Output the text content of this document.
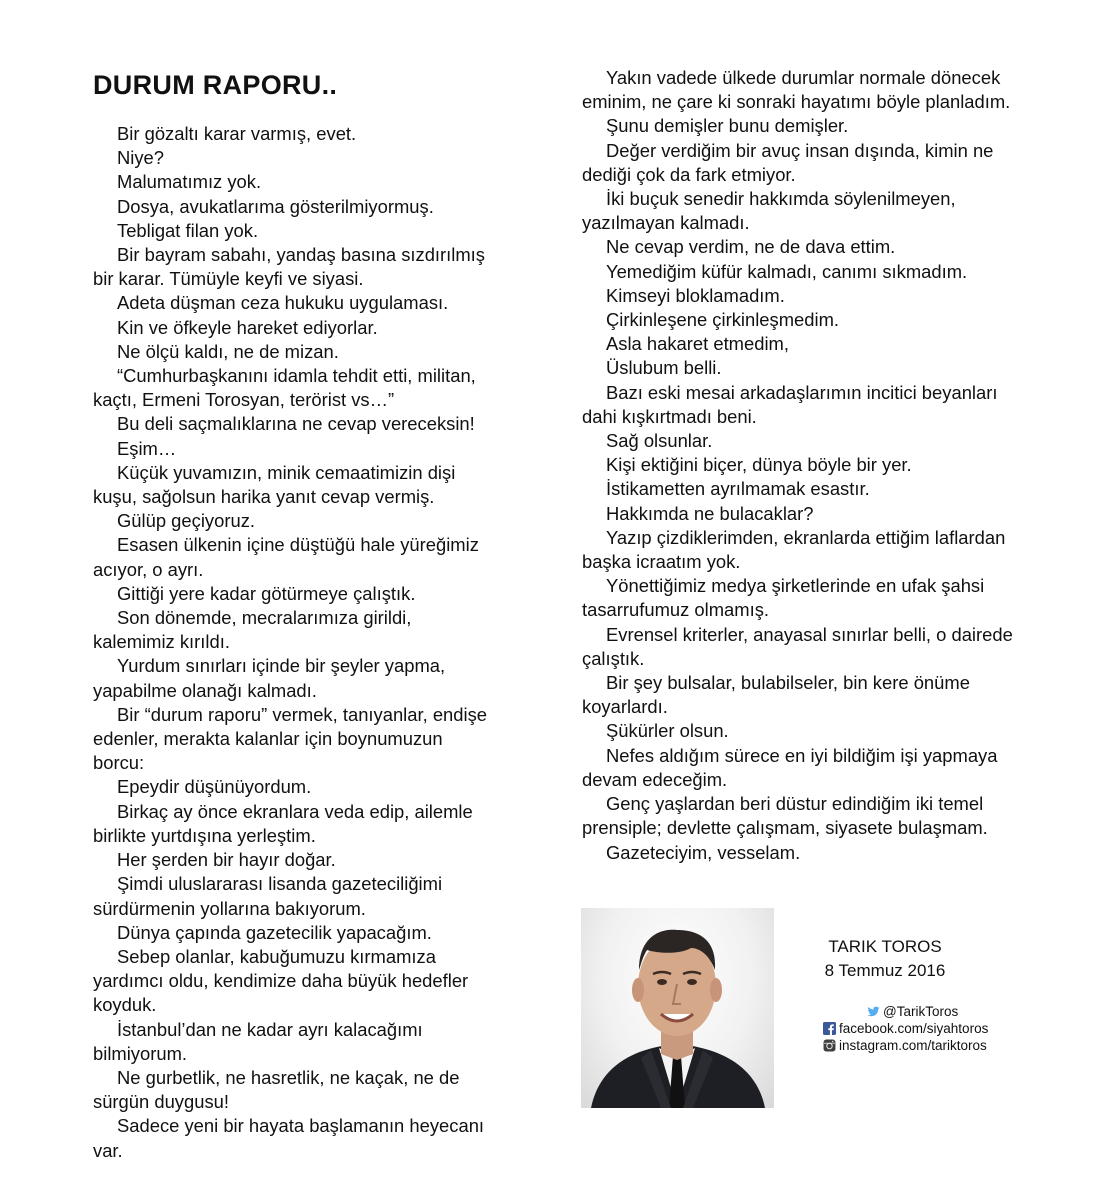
DURUM RAPORU..

Bir gözaltı karar varmış, evet.

Niye?

Malumatımız yok.

Dosya, avukatlarıma gösterilmiyormuş.

Tebligat filan yok.

Bir bayram sabahı, yandaş basına sızdırılmış bir karar. Tümüyle keyfi ve siyasi.

Adeta düşman ceza hukuku uygulaması.

Kin ve öfkeyle hareket ediyorlar.

Ne ölçü kaldı, ne de mizan.

“Cumhurbaşkanını idamla tehdit etti, militan, kaçtı, Ermeni Torosyan, terörist vs…”

Bu deli saçmalıklarına ne cevap vereceksin!

Eşim…

Küçük yuvamızın, minik cemaatimizin dişi kuşu, sağolsun harika yanıt cevap vermiş.

Gülüp geçiyoruz.

Esasen ülkenin içine düştüğü hale yüreğimiz acıyor, o ayrı.

Gittiği yere kadar götürmeye çalıştık.

Son dönemde, mecralarımıza girildi, kalemimiz kırıldı.

Yurdum sınırları içinde bir şeyler yapma, yapabilme olanağı kalmadı.

Bir “durum raporu” vermek, tanıyanlar, endişe edenler, merakta kalanlar için boynumuzun borcu:

Epeydir düşünüyordum.

Birkaç ay önce ekranlara veda edip, ailemle birlikte yurtdışına yerleştim.

Her şerden bir hayır doğar.

Şimdi uluslararası lisanda gazeteciliğimi sürdürmenin yollarına bakıyorum.

Dünya çapında gazetecilik yapacağım.

Sebep olanlar, kabuğumuzu kırmamıza yardımcı oldu, kendimize daha büyük hedefler koyduk.

İstanbul’dan ne kadar ayrı kalacağımı bilmiyorum.

Ne gurbetlik, ne hasretlik, ne kaçak, ne de sürgün duygusu!

Sadece yeni bir hayata başlamanın heyecanı var.

Yakın vadede ülkede durumlar normale dönecek eminim, ne çare ki sonraki hayatımı böyle planladım.

Şunu demişler bunu demişler.

Değer verdiğim bir avuç insan dışında, kimin ne dediği çok da fark etmiyor.

İki buçuk senedir hakkımda söylenilmeyen, yazılmayan kalmadı.

Ne cevap verdim, ne de dava ettim.

Yemediğim küfür kalmadı, canımı sıkmadım.

Kimseyi bloklamadım.

Çirkinleşene çirkinleşmedim.

Asla hakaret etmedim,

Üslubum belli.

Bazı eski mesai arkadaşlarımın incitici beyanları dahi kışkırtmadı beni.

Sağ olsunlar.

Kişi ektiğini biçer, dünya böyle bir yer.

İstikametten ayrılmamak esastır.

Hakkımda ne bulacaklar?

Yazıp çizdiklerimden, ekranlarda ettiğim laflardan başka icraatım yok.

Yönettiğimiz medya şirketlerinde en ufak şahsi tasarrufumuz olmamış.

Evrensel kriterler, anayasal sınırlar belli, o dairede çalıştık.

Bir şey bulsalar, bulabilseler, bin kere önüme koyarlardı.

Şükürler olsun.

Nefes aldığım sürece en iyi bildiğim işi yapmaya devam edeceğim.

Genç yaşlardan beri düstur edindiğim iki temel prensiple; devlette çalışmam, siyasete bulaşmam.

Gazeteciyim, vesselam.

TARIK TOROS
8 Temmuz 2016
@TarikToros
facebook.com/siyahtoros
instagram.com/tariktoros
